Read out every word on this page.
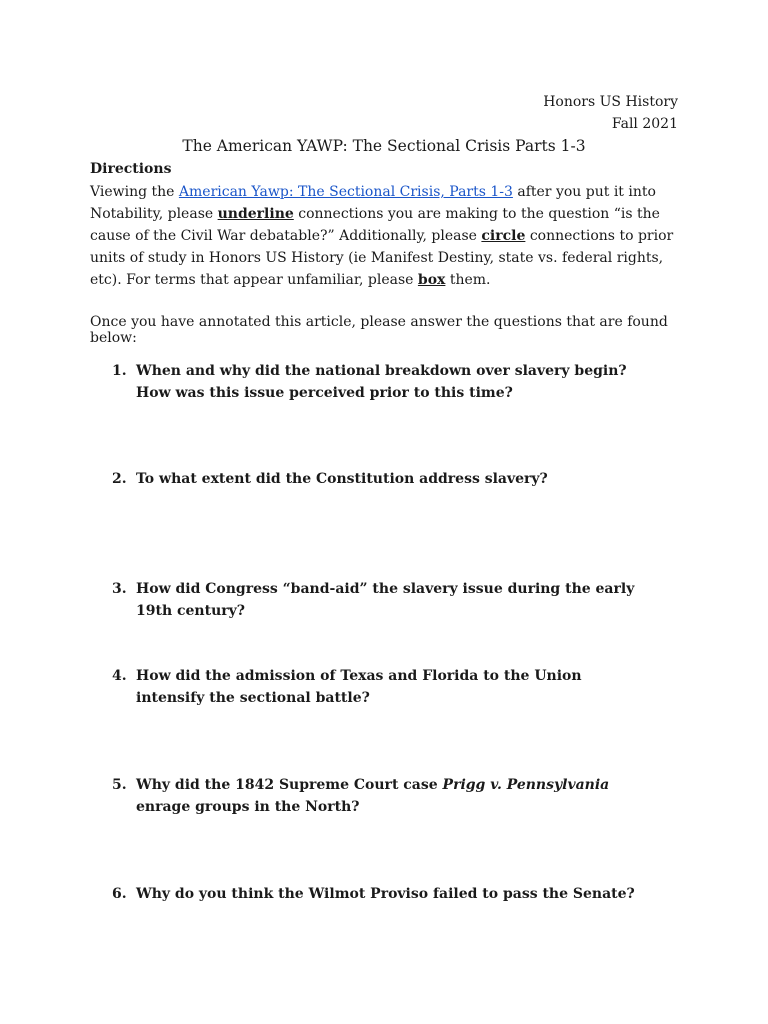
Honors US History
Fall 2021
The American YAWP: The Sectional Crisis Parts 1-3
Directions
Viewing the American Yawp: The Sectional Crisis, Parts 1-3 after you put it into Notability, please underline connections you are making to the question “is the cause of the Civil War debatable?” Additionally, please circle connections to prior units of study in Honors US History (ie Manifest Destiny, state vs. federal rights, etc). For terms that appear unfamiliar, please box them.
Once you have annotated this article, please answer the questions that are found below:
1. When and why did the national breakdown over slavery begin? How was this issue perceived prior to this time?
2. To what extent did the Constitution address slavery?
3. How did Congress “band-aid” the slavery issue during the early 19th century?
4. How did the admission of Texas and Florida to the Union intensify the sectional battle?
5. Why did the 1842 Supreme Court case Prigg v. Pennsylvania enrage groups in the North?
6. Why do you think the Wilmot Proviso failed to pass the Senate?
